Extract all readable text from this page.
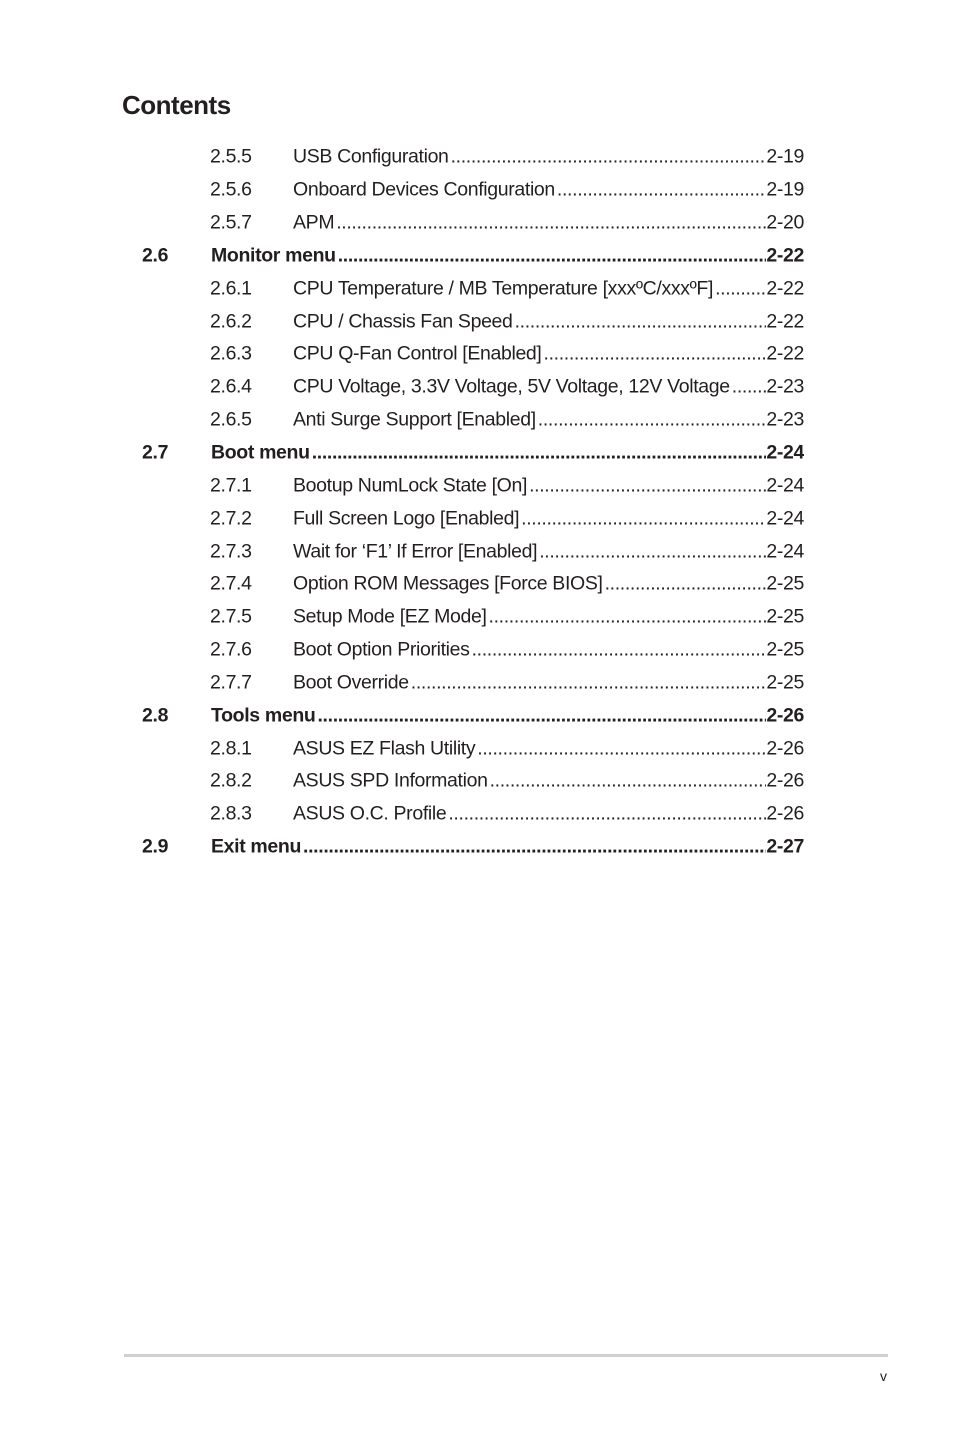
Contents
2.5.5 USB Configuration .....	2-19
2.5.6 Onboard Devices Configuration .....	2-19
2.5.7 APM .....	2-20
2.6 Monitor menu .....	2-22
2.6.1 CPU Temperature / MB Temperature [xxxºC/xxxºF] .....	2-22
2.6.2 CPU / Chassis Fan Speed .....	2-22
2.6.3 CPU Q-Fan Control [Enabled] .....	2-22
2.6.4 CPU Voltage, 3.3V Voltage, 5V Voltage, 12V Voltage ..... 2-23
2.6.5 Anti Surge Support [Enabled] .....	2-23
2.7 Boot menu .....	2-24
2.7.1 Bootup NumLock State [On] .....	2-24
2.7.2 Full Screen Logo [Enabled] .....	2-24
2.7.3 Wait for ‘F1’ If Error [Enabled] .....	2-24
2.7.4 Option ROM Messages [Force BIOS] .....	2-25
2.7.5 Setup Mode [EZ Mode] .....	2-25
2.7.6 Boot Option Priorities .....	2-25
2.7.7 Boot Override .....	2-25
2.8 Tools menu .....	2-26
2.8.1 ASUS EZ Flash Utility .....	2-26
2.8.2 ASUS SPD Information .....	2-26
2.8.3 ASUS O.C. Profile .....	2-26
2.9 Exit menu .....	2-27
v
